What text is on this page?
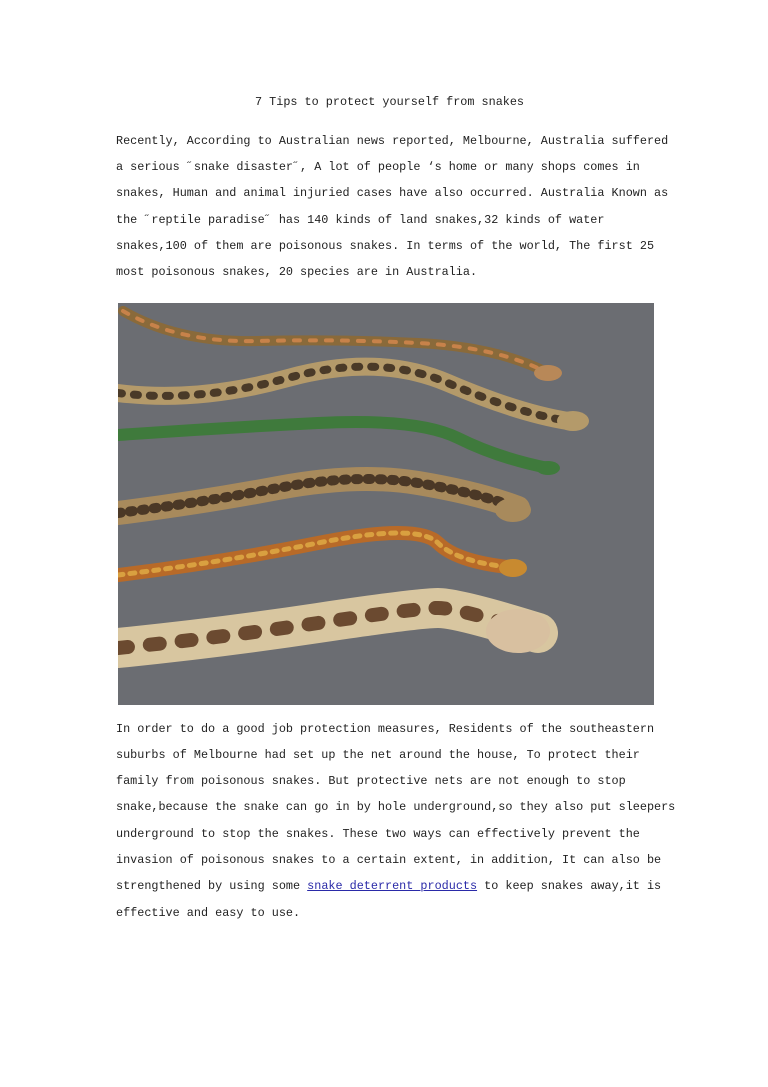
7 Tips to protect yourself from snakes
Recently, According to Australian news reported, Melbourne, Australia suffered
a serious ˝snake disaster˝, A lot of people ‘s home or many shops comes in
snakes, Human and animal injuried cases have also occurred. Australia Known as
the ˝reptile paradise˝ has 140 kinds of land snakes,32 kinds of water
snakes,100 of them are poisonous snakes. In terms of the world, The first 25
most poisonous snakes, 20 species are in Australia.
In order to do a good job protection measures, Residents of the southeastern
suburbs of Melbourne had set up the net around the house, To protect their
family from poisonous snakes. But protective nets are not enough to stop
snake,because the snake can go in by hole underground,so they also put sleepers
underground to stop the snakes. These two ways can effectively prevent the
invasion of poisonous snakes to a certain extent, in addition, It can also be
strengthened by using some snake deterrent products to keep snakes away,it is
effective and easy to use.
